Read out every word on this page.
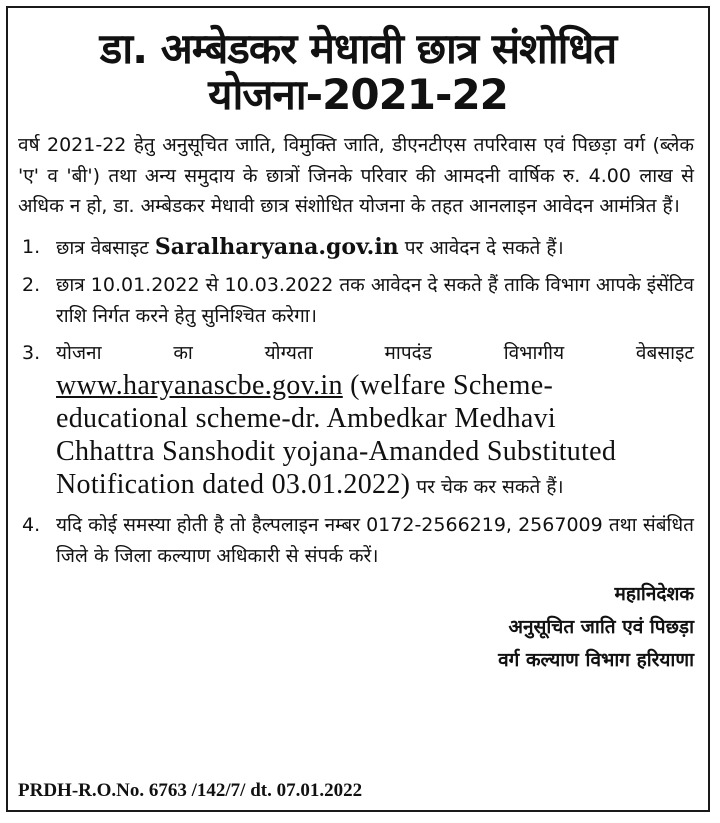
डा. अम्बेडकर मेधावी छात्र संशोधित
योजना-2021-22

वर्ष 2021-22 हेतु अनुसूचित जाति, विमुक्ति जाति, डीएनटीएस तपरिवास एवं पिछड़ा वर्ग (ब्लेक 'ए' व 'बी') तथा अन्य समुदाय के छात्रों जिनके परिवार की आमदनी वार्षिक रु. 4.00 लाख से अधिक न हो, डा. अम्बेडकर मेधावी छात्र संशोधित योजना के तहत आनलाइन आवेदन आमंत्रित हैं।

1. छात्र वेबसाइट Saralharyana.gov.in पर आवेदन दे सकते हैं।
2. छात्र 10.01.2022 से 10.03.2022 तक आवेदन दे सकते हैं ताकि विभाग आपके इंसेंटिव राशि निर्गत करने हेतु सुनिश्चित करेगा।
3. योजना	का	योग्यता	मापदंड	विभागीय	वेबसाइट
www.haryanascbe.gov.in (welfare Scheme-
educational scheme-dr. Ambedkar Medhavi
Chhattra Sanshodit yojana-Amanded Substituted
Notification dated 03.01.2022) पर चेक कर सकते हैं।
4. यदि कोई समस्या होती है तो हैल्पलाइन नम्बर 0172-2566219, 2567009 तथा संबंधित जिले के जिला कल्याण अधिकारी से संपर्क करें।
महानिदेशक
अनुसूचित जाति एवं पिछड़ा
वर्ग कल्याण विभाग हरियाणा
PRDH-R.O.No. 6763 /142/7/ dt. 07.01.2022
